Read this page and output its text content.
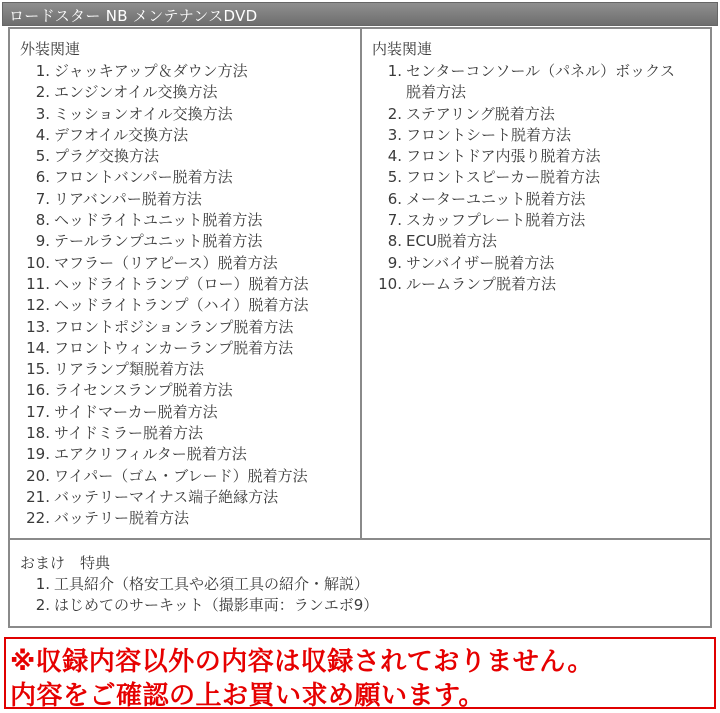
ロードスター NB メンテナンスDVD
外装関連
1. ジャッキアップ＆ダウン方法
2. エンジンオイル交換方法
3. ミッションオイル交換方法
4. デフオイル交換方法
5. プラグ交換方法
6. フロントバンパー脱着方法
7. リアバンパー脱着方法
8. ヘッドライトユニット脱着方法
9. テールランプユニット脱着方法
10. マフラー（リアピース）脱着方法
11. ヘッドライトランプ（ロー）脱着方法
12. ヘッドライトランプ（ハイ）脱着方法
13. フロントポジションランプ脱着方法
14. フロントウィンカーランプ脱着方法
15. リアランプ類脱着方法
16. ライセンスランプ脱着方法
17. サイドマーカー脱着方法
18. サイドミラー脱着方法
19. エアクリフィルター脱着方法
20. ワイパー（ゴム・ブレード）脱着方法
21. バッテリーマイナス端子絶縁方法
22. バッテリー脱着方法
内装関連
1. センターコンソール（パネル）ボックス脱着方法
2. ステアリング脱着方法
3. フロントシート脱着方法
4. フロントドア内張り脱着方法
5. フロントスピーカー脱着方法
6. メーターユニット脱着方法
7. スカッフプレート脱着方法
8. ECU脱着方法
9. サンバイザー脱着方法
10. ルームランプ脱着方法
おまけ　特典
1. 工具紹介（格安工具や必須工具の紹介・解説）
2. はじめてのサーキット（撮影車両：ランエボ9）

※収録内容以外の内容は収録されておりません。

内容をご確認の上お買い求め願います。
